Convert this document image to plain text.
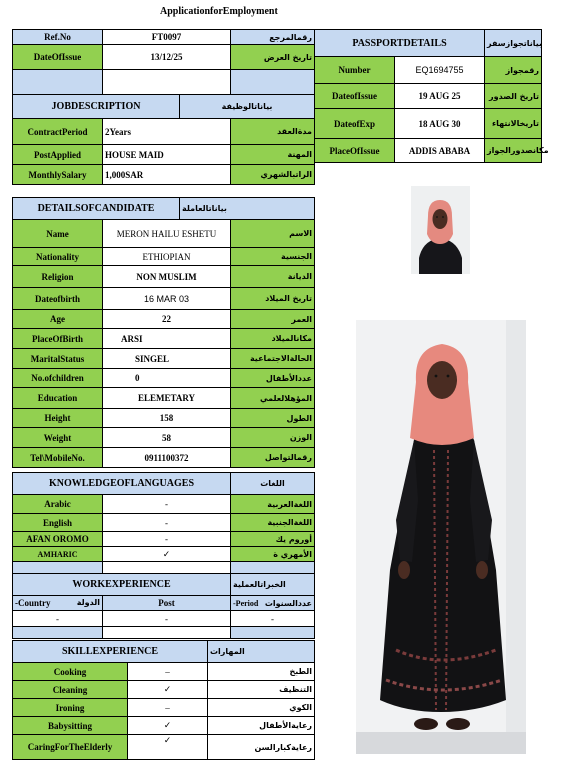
ApplicationforEmployment
Ref.No	FT0097	رقمالمرجع
DateOfIssue	13/12/25	تاريخ العرض

JOBDESCRIPTION		بياناتالوظيفة	
ContractPeriod	2Years		مدةالعقد
PostApplied	HOUSE MAID		المهنة
MonthlySalary	1,000SAR		الراتبالشهري
PASSPORTDETAILS		بياناتجوازسفر
Number	EQ1694755	رقمجواز
DateofIssue	19 AUG 25	تاريخ الصدور
DateofExp	18 AUG 30	تاريخالانتهاء
PlaceOfIssue	ADDIS ABABA	مكانصدورالجواز
DETAILSOFCANDIDATE		بياناتالعاملة	
Name	MERON HAILU ESHETU		الاسم
Nationality	ETHIOPIAN		الجنسية
Religion	NON MUSLIM		الديانة
Dateofbirth	16 MAR 03		تاريخ الميلاد
Age	22		العمر
PlaceOfBirth	ARSI		مكانالميلاد
MaritalStatus	SINGEL		الحالةالاجتماعية
No.ofchildren	0		عددالأطفال
Education	ELEMETARY		المؤهلالعلمي
Height	158		الطول
Weight	58		الوزن
Tel\MobileNo.	0911100372		رقمالتواصل
KNOWLEDGEOFLANGUAGES		اللغات
Arabic	-	اللغةالعربية
English	-	اللغةالجنبية
AFAN OROMO	-	أوروم يك
AMHARIC	✓	الأمهري ة

WORKEXPERIENCE		الخبراتالعملية
-Country الدولة	Post	-Period عددالسنوات

-	-	-

SKILLEXPERIENCE		المهارات
Cooking	–	الطبخ
Cleaning	✓	التنظيف
Ironing	–	الكوي
Babysitting	✓	رعايةالأطفال
CaringForTheElderly	✓	رعايةكبارالسن
